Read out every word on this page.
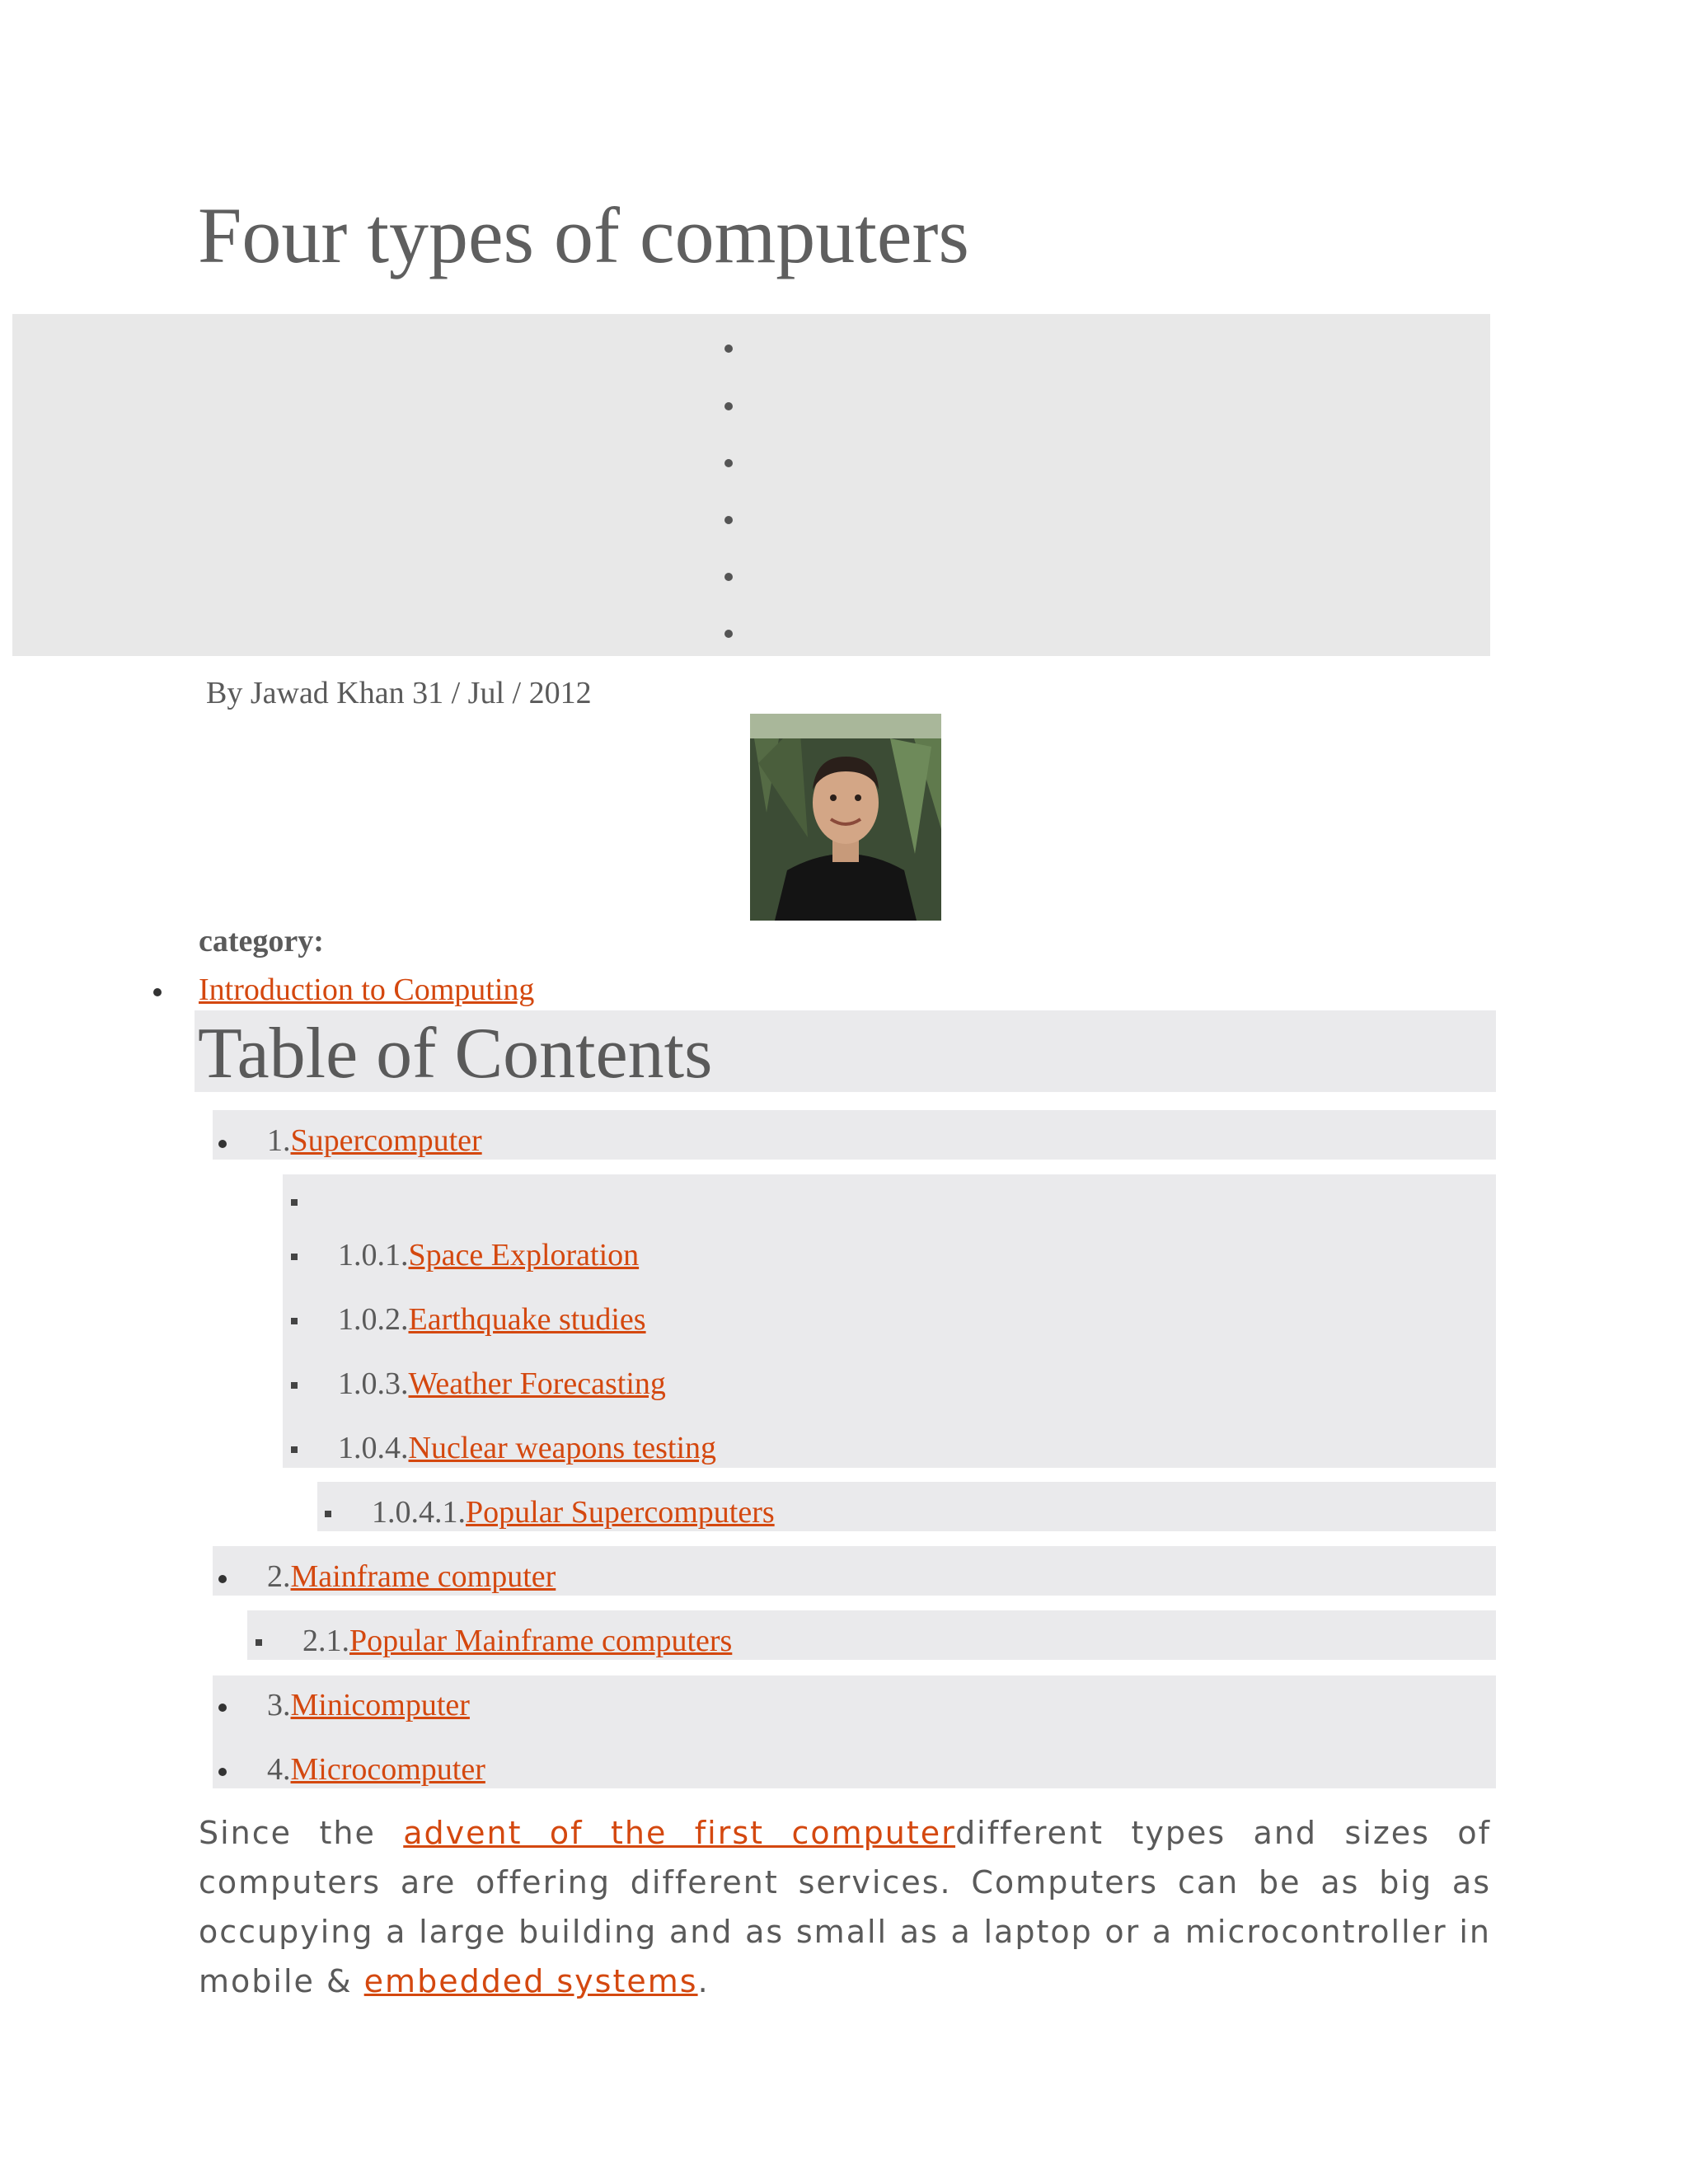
Four types of computers
By Jawad Khan 31 / Jul / 2012
category:
Introduction to Computing
Table of Contents
1.Supercomputer
1.0.1.Space Exploration
1.0.2.Earthquake studies
1.0.3.Weather Forecasting
1.0.4.Nuclear weapons testing
1.0.4.1.Popular Supercomputers
2.Mainframe computer
2.1.Popular Mainframe computers
3.Minicomputer
4.Microcomputer

Since the advent of the first computerdifferent types and sizes of computers are offering different services. Computers can be as big as occupying a large building and as small as a laptop or a microcontroller in mobile & embedded systems.
